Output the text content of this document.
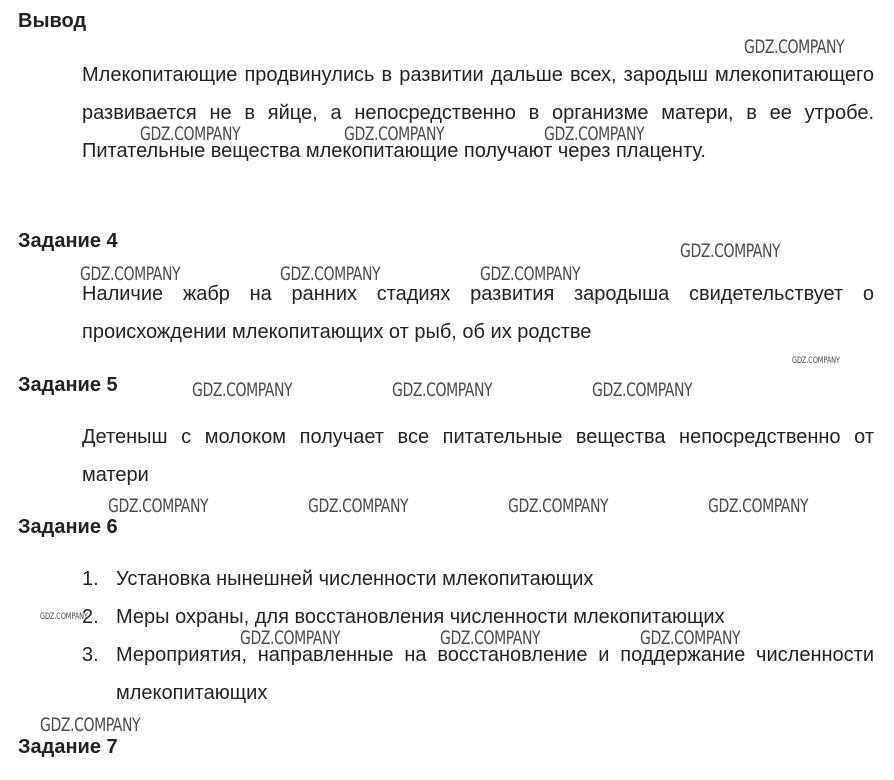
Вывод
Млекопитающие продвинулись в развитии дальше всех, зародыш млекопитающего развивается не в яйце, а непосредственно в организме матери, в ее утробе. Питательные вещества млекопитающие получают через плаценту.
Задание 4
Наличие жабр на ранних стадиях развития зародыша свидетельствует о происхождении млекопитающих от рыб, об их родстве
Задание 5
Детеныш с молоком получает все питательные вещества непосредственно от матери
Задание 6
1. Установка нынешней численности млекопитающих
2. Меры охраны, для восстановления численности млекопитающих
3. Мероприятия, направленные на восстановление и поддержание численности млекопитающих
Задание 7
GDZ.COMPANY
GDZ.COMPANY	GDZ.COMPANY	GDZ.COMPANY
GDZ.COMPANY
GDZ.COMPANY	GDZ.COMPANY	GDZ.COMPANY
GDZ.COMPANY
GDZ.COMPANY	GDZ.COMPANY	GDZ.COMPANY
GDZ.COMPANY	GDZ.COMPANY	GDZ.COMPANY	GDZ.COMPANY
GDZ.COMPANY
GDZ.COMPANY	GDZ.COMPANY	GDZ.COMPANY
GDZ.COMPANY
